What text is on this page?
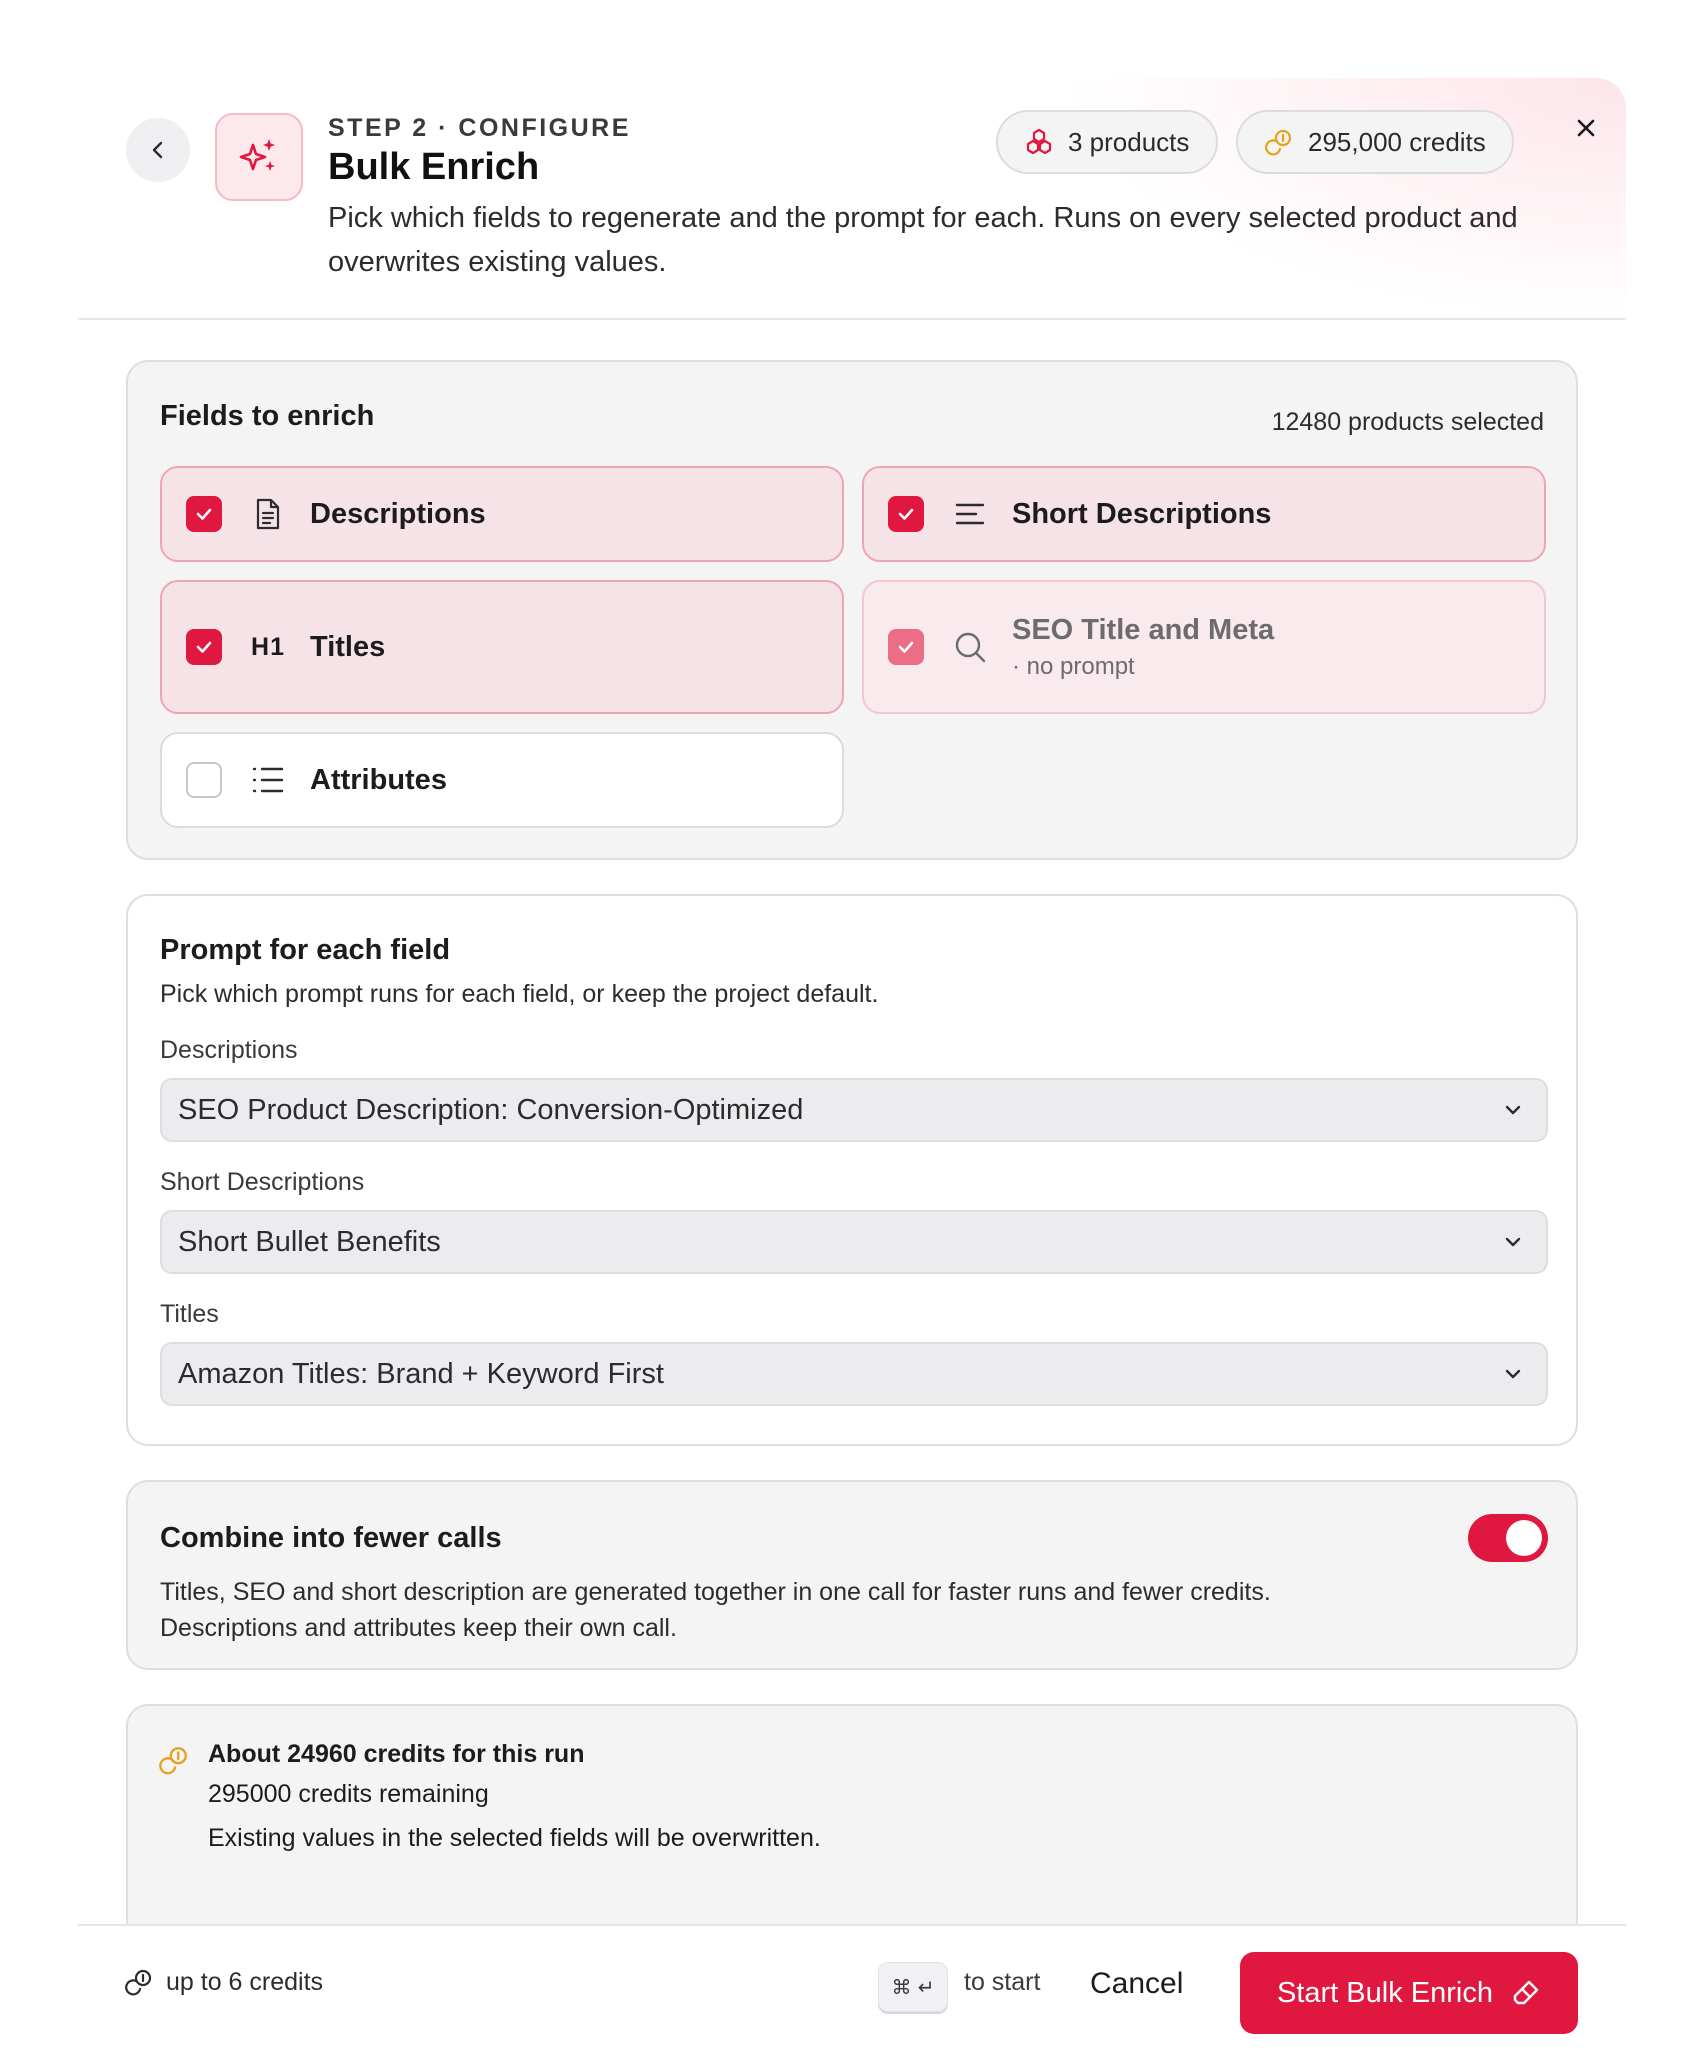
STEP 2 · CONFIGURE
Bulk Enrich
Pick which fields to regenerate and the prompt for each. Runs on every selected product and overwrites existing values.
3 products	295,000 credits
Fields to enrich	12480 products selected
Descriptions	Short Descriptions
H1 Titles
SEO Title and Meta
· no prompt
Attributes
Prompt for each field
Pick which prompt runs for each field, or keep the project default.
Descriptions
SEO Product Description: Conversion-Optimized
Short Descriptions
Short Bullet Benefits
Titles
Amazon Titles: Brand + Keyword First
Combine into fewer calls
Titles, SEO and short description are generated together in one call for faster runs and fewer credits.
Descriptions and attributes keep their own call.
About 24960 credits for this run
295000 credits remaining
Existing values in the selected fields will be overwritten.
up to 6 credits	⌘ ↵	to start Cancel	Start Bulk Enrich
